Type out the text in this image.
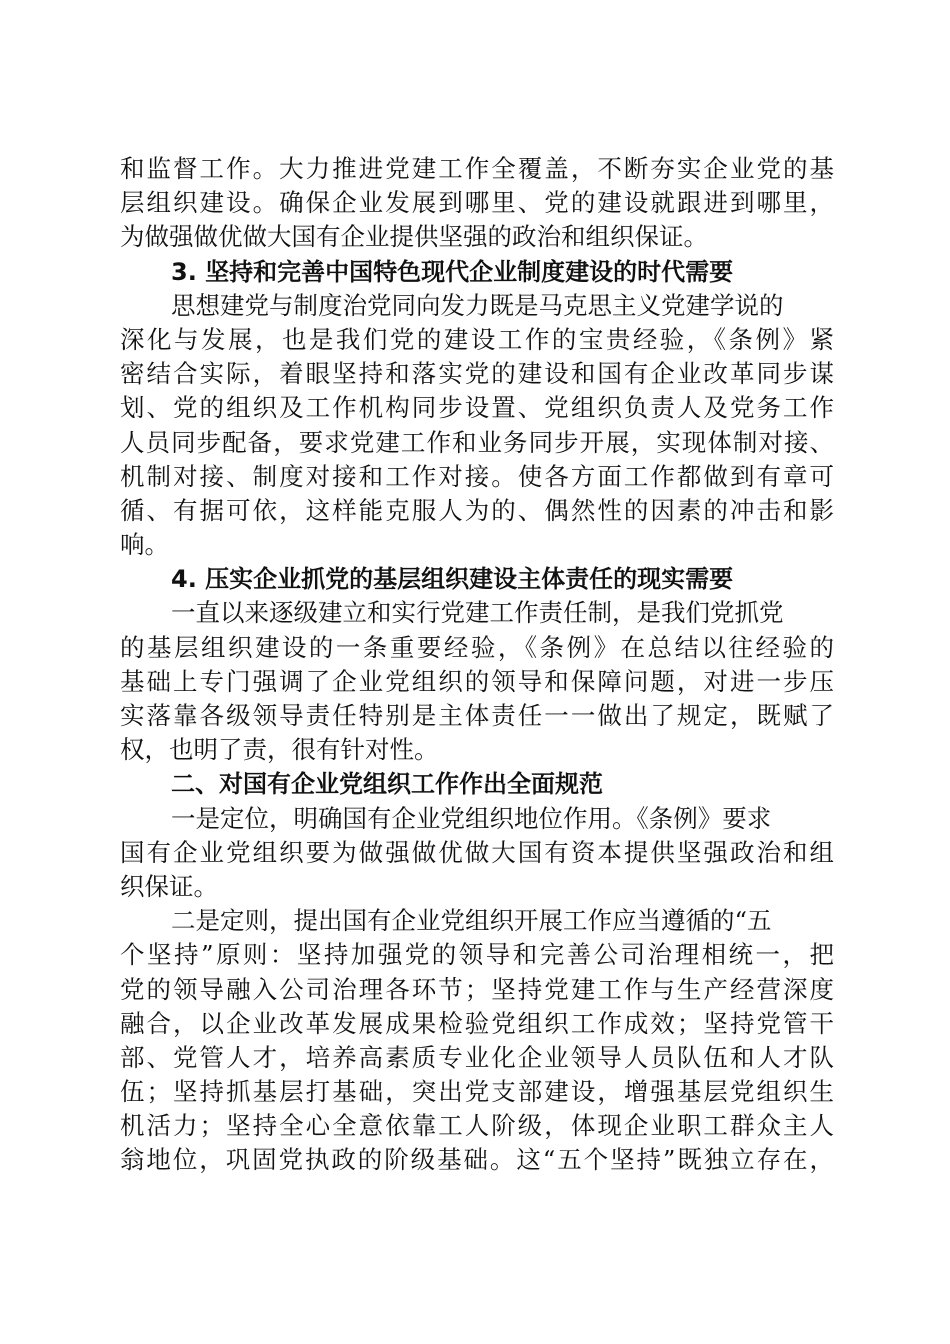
和监督工作。大力推进党建工作全覆盖，不断夯实企业党的基
层组织建设。确保企业发展到哪里、党的建设就跟进到哪里，
为做强做优做大国有企业提供坚强的政治和组织保证。
3. 坚持和完善中国特色现代企业制度建设的时代需要
思想建党与制度治党同向发力既是马克思主义党建学说的
深化与发展，也是我们党的建设工作的宝贵经验，《条例》紧
密结合实际，着眼坚持和落实党的建设和国有企业改革同步谋
划、党的组织及工作机构同步设置、党组织负责人及党务工作
人员同步配备，要求党建工作和业务同步开展，实现体制对接、
机制对接、制度对接和工作对接。使各方面工作都做到有章可
循、有据可依，这样能克服人为的、偶然性的因素的冲击和影
响。
4. 压实企业抓党的基层组织建设主体责任的现实需要
一直以来逐级建立和实行党建工作责任制，是我们党抓党
的基层组织建设的一条重要经验，《条例》在总结以往经验的
基础上专门强调了企业党组织的领导和保障问题，对进一步压
实落靠各级领导责任特别是主体责任一一做出了规定，既赋了
权，也明了责，很有针对性。
二、对国有企业党组织工作作出全面规范
一是定位，明确国有企业党组织地位作用。《条例》要求
国有企业党组织要为做强做优做大国有资本提供坚强政治和组
织保证。
二是定则，提出国有企业党组织开展工作应当遵循的“五
个坚持”原则：坚持加强党的领导和完善公司治理相统一，把
党的领导融入公司治理各环节；坚持党建工作与生产经营深度
融合，以企业改革发展成果检验党组织工作成效；坚持党管干
部、党管人才，培养高素质专业化企业领导人员队伍和人才队
伍；坚持抓基层打基础，突出党支部建设，增强基层党组织生
机活力；坚持全心全意依靠工人阶级，体现企业职工群众主人
翁地位，巩固党执政的阶级基础。这“五个坚持”既独立存在，
